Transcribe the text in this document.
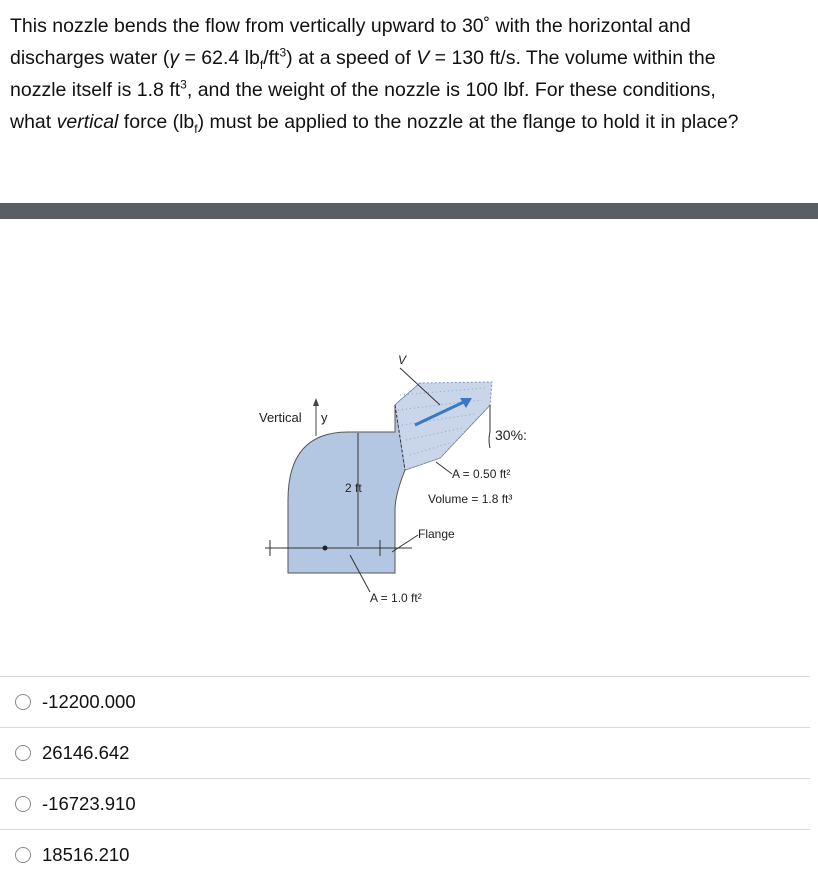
This nozzle bends the flow from vertically upward to 30˚ with the horizontal and
discharges water (γ = 62.4 $lb_f/ft^3$) at a speed of V = 130 ft/s. The volume within the
nozzle itself is 1.8 $ft^3$, and the weight of the nozzle is 100 lbf. For these conditions,
what vertical force $(lb_f)$ must be applied to the nozzle at the flange to hold it in place?
V
Vertical y
30%:
A = 0.50 ft²
Volume = 1.8 ft³
2 ft
Flange
A = 1.0 ft²
-12200.000
26146.642
-16723.910
18516.210
